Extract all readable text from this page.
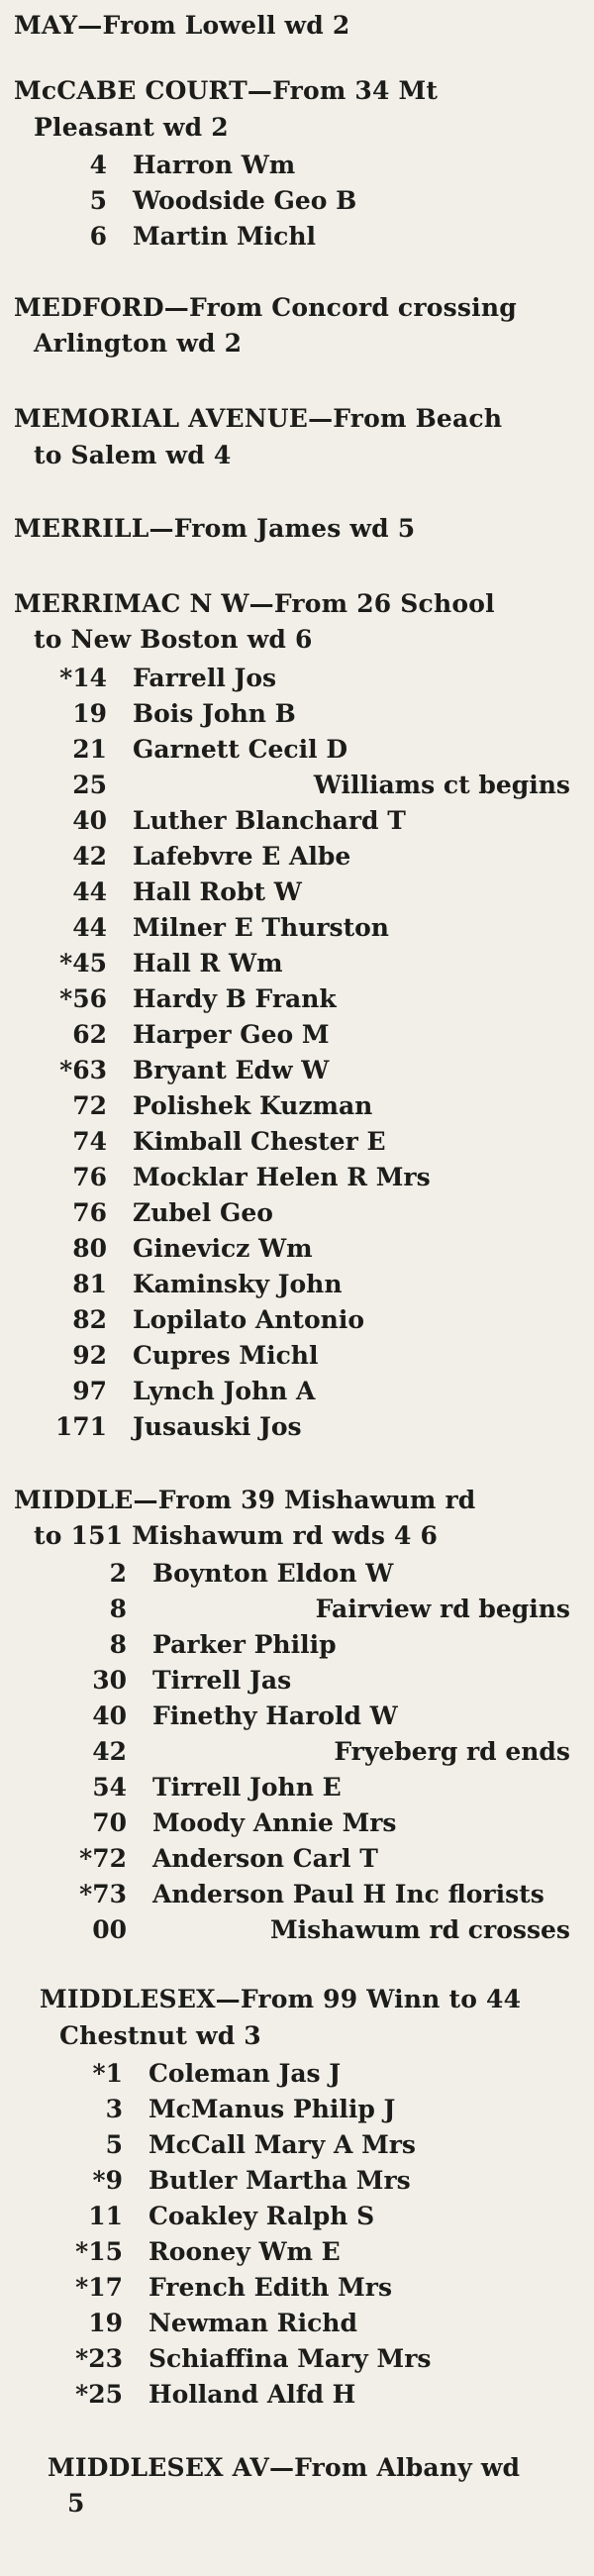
MAY—From Lowell wd 2
McCABE COURT—From 34 Mt
Pleasant wd 2
4	Harron Wm
5	Woodside Geo B
6	Martin Michl
MEDFORD—From Concord crossing
Arlington wd 2
MEMORIAL AVENUE—From Beach
to Salem wd 4
MERRILL—From James wd 5
MERRIMAC N W—From 26 School
to New Boston wd 6
*14	Farrell Jos
19	Bois John B
21	Garnett Cecil D
25	Williams ct begins
40	Luther Blanchard T
42	Lafebvre E Albe
44	Hall Robt W
44	Milner E Thurston
*45	Hall R Wm
*56	Hardy B Frank
62	Harper Geo M
*63	Bryant Edw W
72	Polishek Kuzman
74	Kimball Chester E
76	Mocklar Helen R Mrs
76	Zubel Geo
80	Ginevicz Wm
81	Kaminsky John
82	Lopilato Antonio
92	Cupres Michl
97	Lynch John A
171	Jusauski Jos
MIDDLE—From 39 Mishawum rd
to 151 Mishawum rd wds 4 6
2	Boynton Eldon W
8	Fairview rd begins
8	Parker Philip
30	Tirrell Jas
40	Finethy Harold W
42	Fryeberg rd ends
54	Tirrell John E
70	Moody Annie Mrs
*72	Anderson Carl T
*73	Anderson Paul H Inc florists
00	Mishawum rd crosses
MIDDLESEX—From 99 Winn to 44
Chestnut wd 3
*1	Coleman Jas J
3	McManus Philip J
5	McCall Mary A Mrs
*9	Butler Martha Mrs
11	Coakley Ralph S
*15	Rooney Wm E
*17	French Edith Mrs
19	Newman Richd
*23	Schiaffina Mary Mrs
*25	Holland Alfd H
MIDDLESEX AV—From Albany wd
5
